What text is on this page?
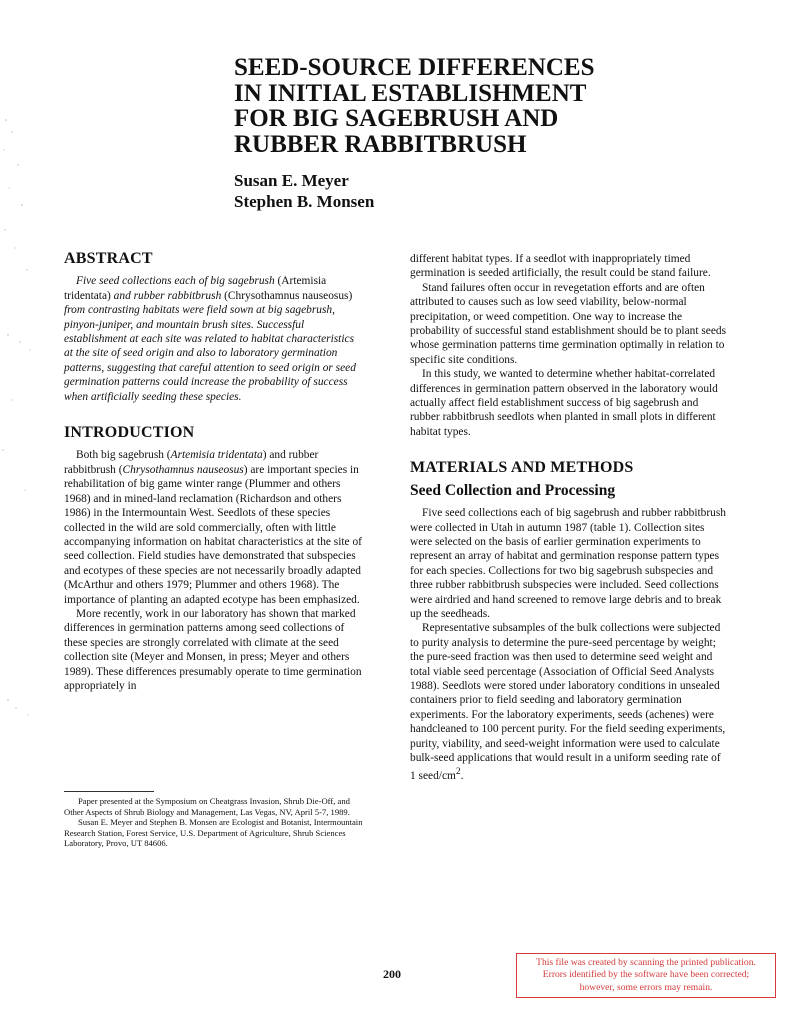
SEED-SOURCE DIFFERENCES
IN INITIAL ESTABLISHMENT
FOR BIG SAGEBRUSH AND
RUBBER RABBITBRUSH
Susan E. Meyer
Stephen B. Monsen
ABSTRACT

Five seed collections each of big sagebrush (Artemisia tridentata) and rubber rabbitbrush (Chrysothamnus nauseosus) from contrasting habitats were field sown at big sagebrush, pinyon-juniper, and mountain brush sites. Successful establishment at each site was related to habitat characteristics at the site of seed origin and also to laboratory germination patterns, suggesting that careful attention to seed origin or seed germination patterns could increase the probability of success when artificially seeding these species.

INTRODUCTION

Both big sagebrush (Artemisia tridentata) and rubber rabbitbrush (Chrysothamnus nauseosus) are important species in rehabilitation of big game winter range (Plummer and others 1968) and in mined-land reclamation (Richardson and others 1986) in the Intermountain West. Seedlots of these species collected in the wild are sold commercially, often with little accompanying information on habitat characteristics at the site of seed collection. Field studies have demonstrated that subspecies and ecotypes of these species are not necessarily broadly adapted (McArthur and others 1979; Plummer and others 1968). The importance of planting an adapted ecotype has been emphasized.

More recently, work in our laboratory has shown that marked differences in germination patterns among seed collections of these species are strongly correlated with climate at the seed collection site (Meyer and Monsen, in press; Meyer and others 1989). These differences presumably operate to time germination appropriately in

different habitat types. If a seedlot with inappropriately timed germination is seeded artificially, the result could be stand failure.

Stand failures often occur in revegetation efforts and are often attributed to causes such as low seed viability, below-normal precipitation, or weed competition. One way to increase the probability of successful stand establishment should be to plant seeds whose germination patterns time germination optimally in relation to specific site conditions.

In this study, we wanted to determine whether habitat-correlated differences in germination pattern observed in the laboratory would actually affect field establishment success of big sagebrush and rubber rabbitbrush seedlots when planted in small plots in different habitat types.

MATERIALS AND METHODS
Seed Collection and Processing

Five seed collections each of big sagebrush and rubber rabbitbrush were collected in Utah in autumn 1987 (table 1). Collection sites were selected on the basis of earlier germination experiments to represent an array of habitat and germination response pattern types for each species. Collections for two big sagebrush subspecies and three rubber rabbitbrush subspecies were included. Seed collections were airdried and hand screened to remove large debris and to break up the seedheads.

Representative subsamples of the bulk collections were subjected to purity analysis to determine the pure-seed percentage by weight; the pure-seed fraction was then used to determine seed weight and total viable seed percentage (Association of Official Seed Analysts 1988). Seedlots were stored under laboratory conditions in unsealed containers prior to field seeding and laboratory germination experiments. For the laboratory experiments, seeds (achenes) were handcleaned to 100 percent purity. For the field seeding experiments, purity, viability, and seed-weight information were used to calculate bulk-seed applications that would result in a uniform seeding rate of 1 seed/$cm^2$.

Paper presented at the Symposium on Cheatgrass Invasion, Shrub Die-Off, and Other Aspects of Shrub Biology and Management, Las Vegas, NV, April 5-7, 1989.

Susan E. Meyer and Stephen B. Monsen are Ecologist and Botanist, Intermountain Research Station, Forest Service, U.S. Department of Agriculture, Shrub Sciences Laboratory, Provo, UT 84606.

200
This file was created by scanning the printed publication.
Errors identified by the software have been corrected;
however, some errors may remain.
